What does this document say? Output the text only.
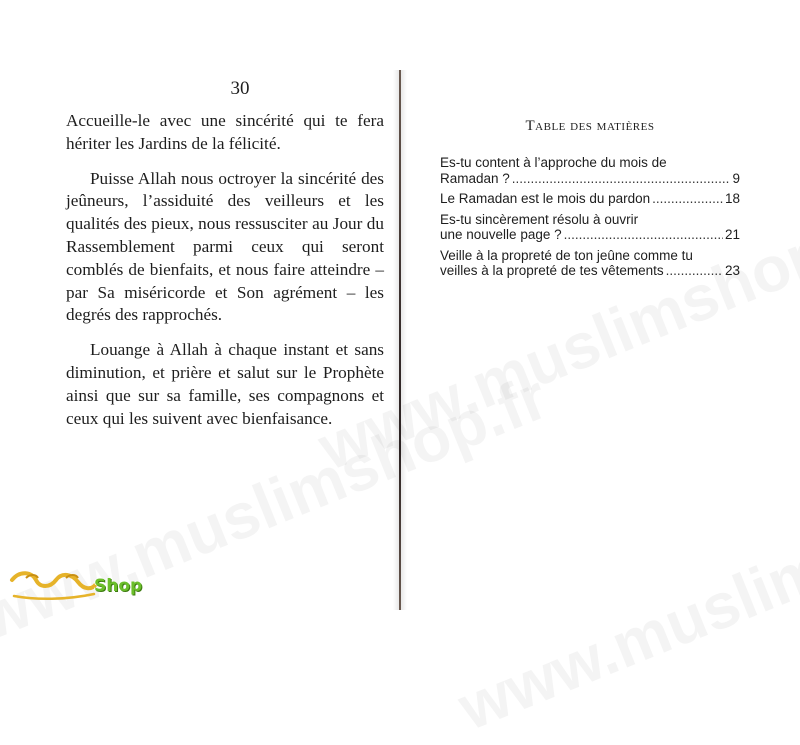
30

Accueille-le avec une sincérité qui te fera hériter les Jardins de la félicité.

Puisse Allah nous octroyer la sincérité des jeûneurs, l’assiduité des veilleurs et les qualités des pieux, nous ressusciter au Jour du Rassemblement parmi ceux qui seront comblés de bienfaits, et nous faire atteindre – par Sa miséricorde et Son agrément – les degrés des rapprochés.

Louange à Allah à chaque instant et sans diminution, et prière et salut sur le Prophète ainsi que sur sa famille, ses compagnons et ceux qui les suivent avec bienfaisance.

Table des matières
Es-tu content à l’approche du mois de
Ramadan ? .....	9
Le Ramadan est le mois du pardon .....	18
Es-tu sincèrement résolu à ouvrir
une nouvelle page ? .....	21
Veille à la propreté de ton jeûne comme tu
veilles à la propreté de tes vêtements .....	23
Shop
